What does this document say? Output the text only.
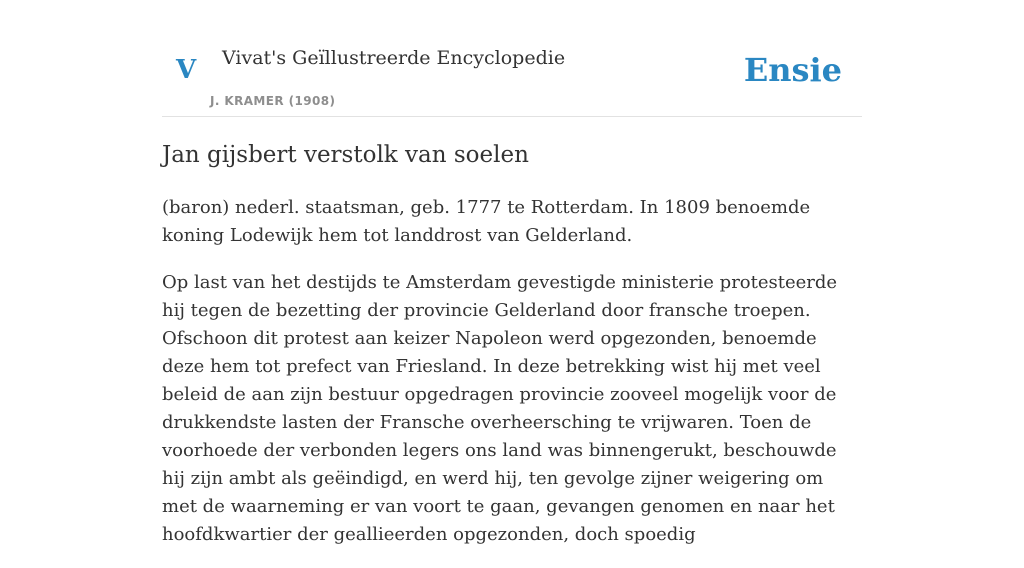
V Vivat's Geïllustreerde Encyclopedie
J. KRAMER (1908)
Ensie
Jan gijsbert verstolk van soelen

(baron) nederl. staatsman, geb. 1777 te Rotterdam. In 1809 benoemde koning Lodewijk hem tot landdrost van Gelderland.

Op last van het destijds te Amsterdam gevestigde ministerie protesteerde hij tegen de bezetting der provincie Gelderland door fransche troepen. Ofschoon dit protest aan keizer Napoleon werd opgezonden, benoemde deze hem tot prefect van Friesland. In deze betrekking wist hij met veel beleid de aan zijn bestuur opgedragen provincie zooveel mogelijk voor de drukkendste lasten der Fransche overheersching te vrijwaren. Toen de voorhoede der verbonden legers ons land was binnengerukt, beschouwde hij zijn ambt als geëindigd, en werd hij, ten gevolge zijner weigering om met de waarneming er van voort te gaan, gevangen genomen en naar het hoofdkwartier der geallieerden opgezonden, doch spoedig
